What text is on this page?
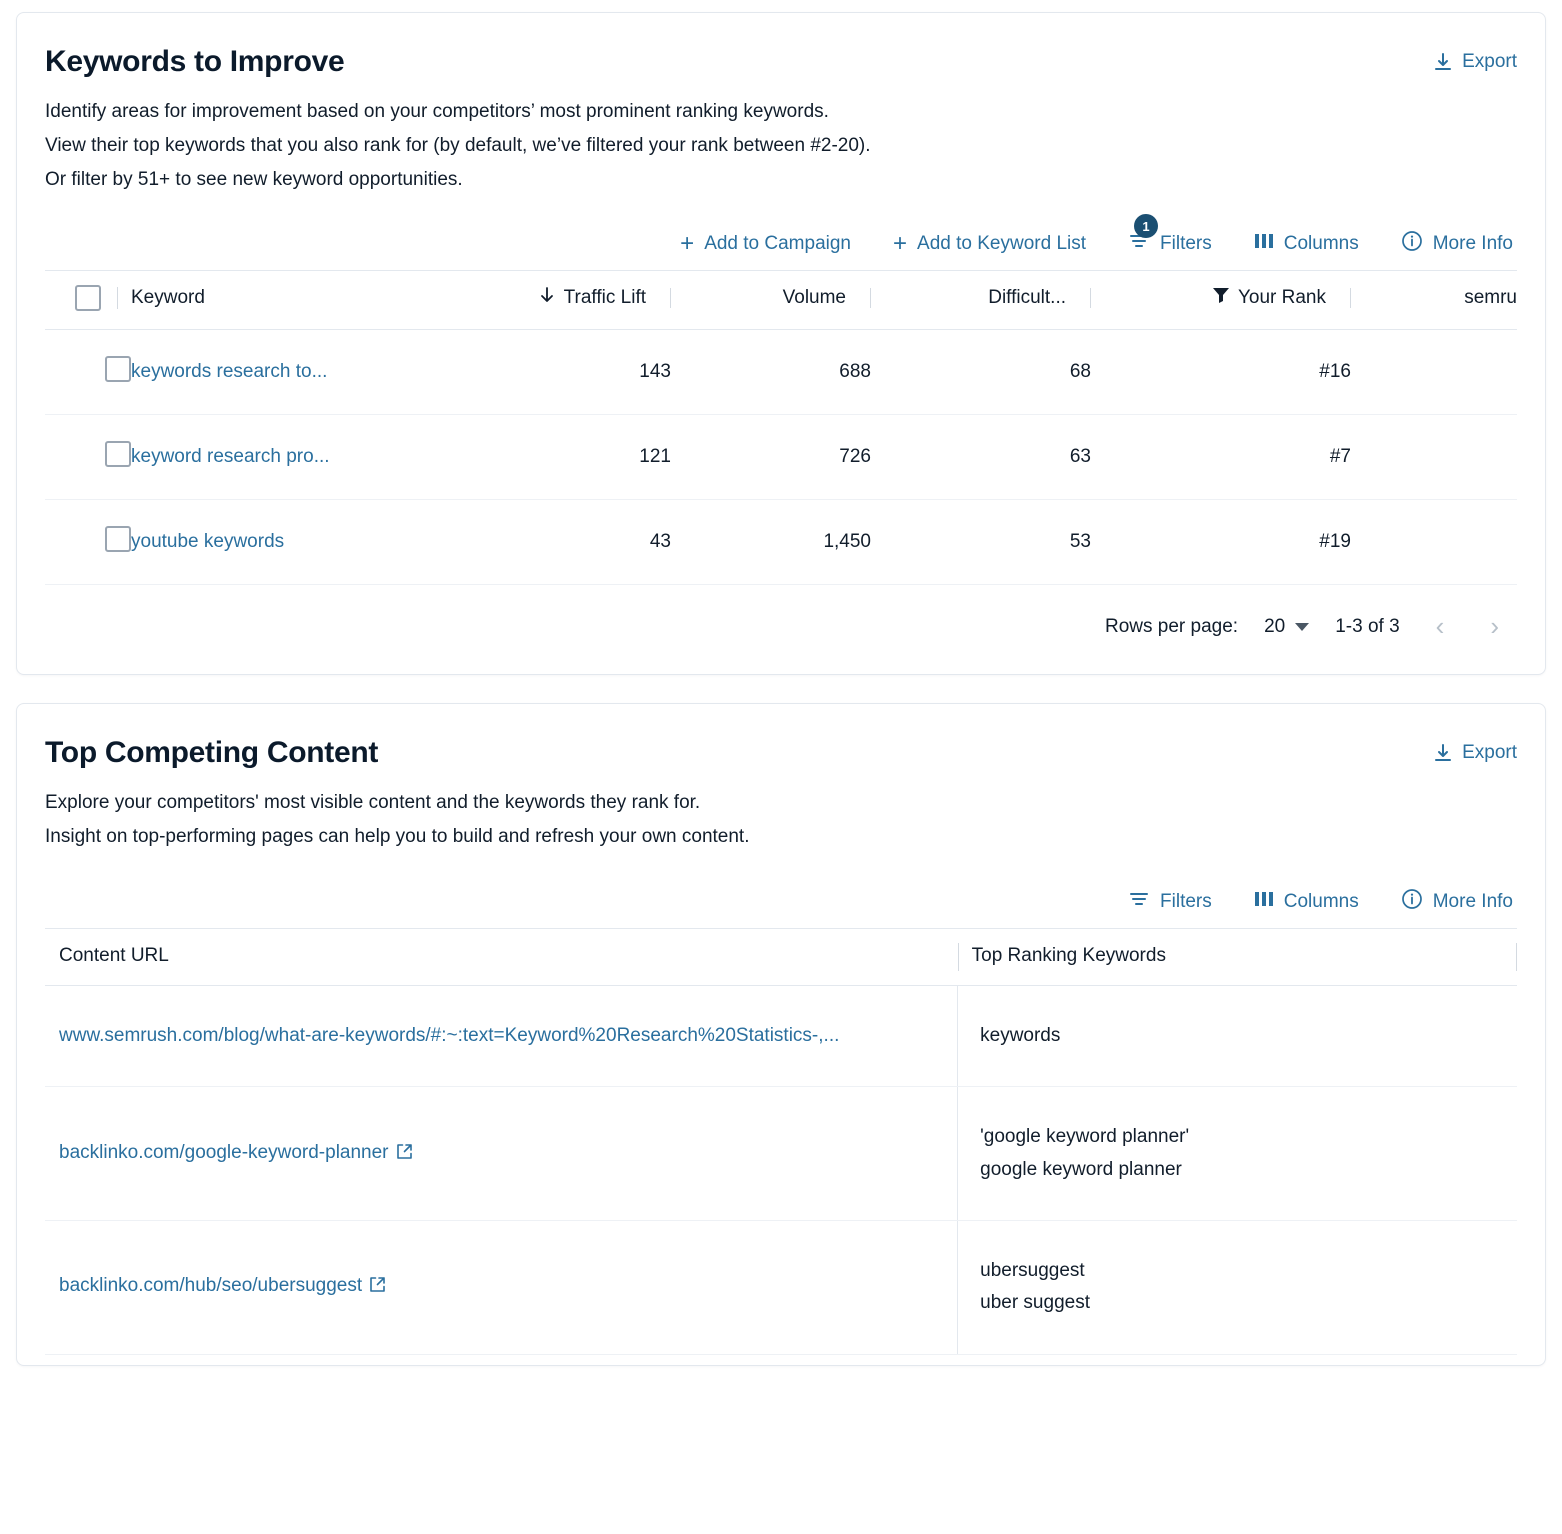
Keywords to Improve	Export
Identify areas for improvement based on your competitors’ most prominent ranking keywords.
View their top keywords that you also rank for (by default, we’ve filtered your rank between #2-20).
Or filter by 51+ to see new keyword opportunities.
+ Add to Campaign + Add to Keyword List
1
Filters	Columns	More Info

	Keyword	Traffic Lift	Volume	Difficult...	Your Rank	semru

	keywords research to...	143	688	68	#16	
	keyword research pro...	121	726	63	#7	
	youtube keywords	43	1,450	53	#19	
Rows per page: 20	1-3 of 3	‹	›
Top Competing Content	Export
Explore your competitors' most visible content and the keywords they rank for.
Insight on top-performing pages can help you to build and refresh your own content.
Filters	Columns	More Info
Content URL	Top Ranking Keywords
www.semrush.com/blog/what-are-keywords/#:~:text=Keyword%20Research%20Statistics-,...	keywords

backlinko.com/google-keyword-planner	'google keyword planner'
google keyword planner

backlinko.com/hub/seo/ubersuggest	ubersuggest
uber suggest
